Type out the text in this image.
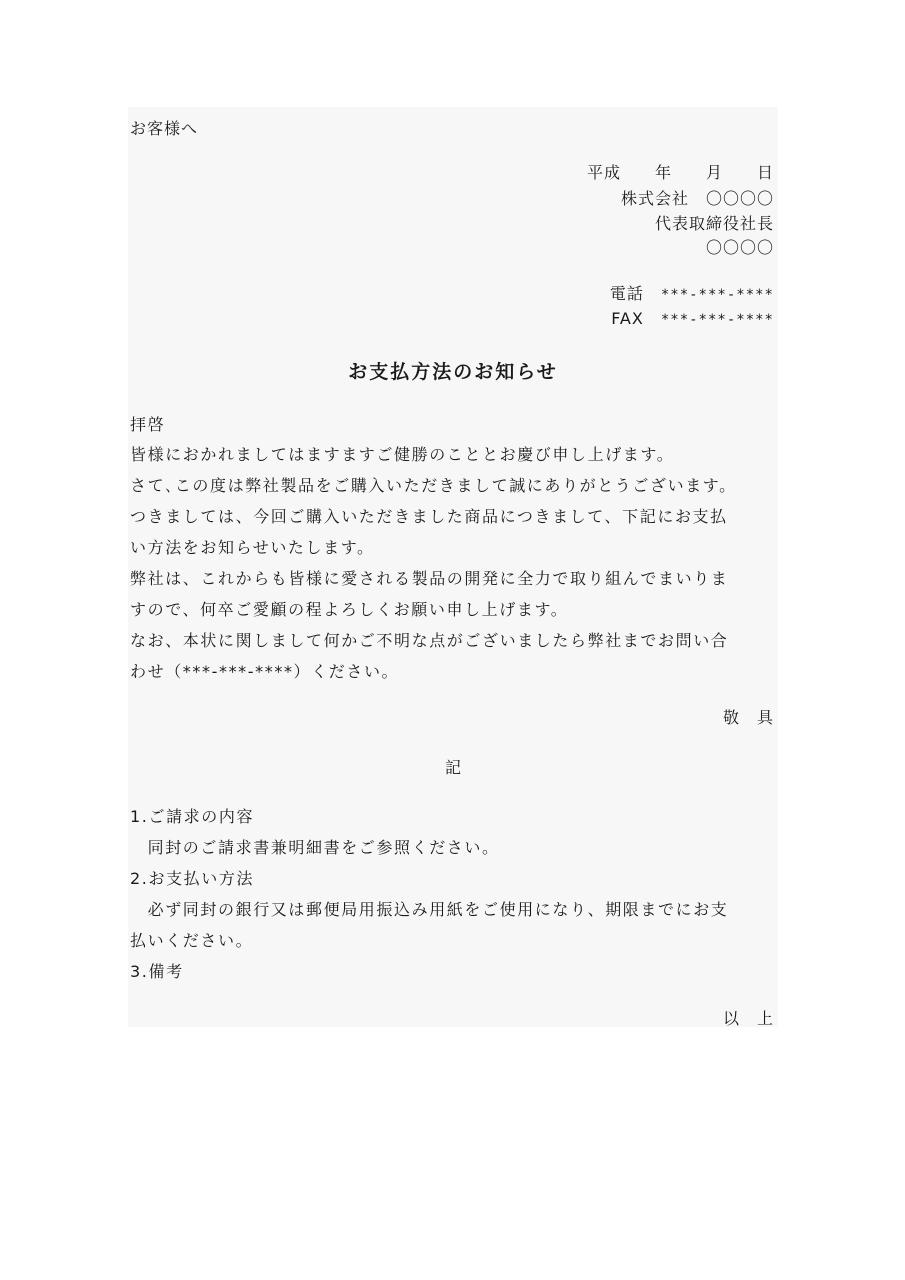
お客様へ
平成　　年　　月　　日
株式会社　〇〇〇〇
代表取締役社長
〇〇〇〇

電話　 ***-***-****

FAX　 ***-***-****

お支払方法のお知らせ
拝啓
皆様におかれましてはますますご健勝のこととお慶び申し上げます。
さて､この度は弊社製品をご購入いただきまして誠にありがとうございます。
つきましては、今回ご購入いただきました商品につきまして、下記にお支払
い方法をお知らせいたします。
弊社は、これからも皆様に愛される製品の開発に全力で取り組んでまいりま
すので、何卒ご愛顧の程よろしくお願い申し上げます。
なお、本状に関しまして何かご不明な点がございましたら弊社までお問い合
わせ（***-***-****）ください。
敬　具
記
1.ご請求の内容
　同封のご請求書兼明細書をご参照ください。
2.お支払い方法
　必ず同封の銀行又は郵便局用振込み用紙をご使用になり、期限までにお支
払いください。
3.備考
以　上
